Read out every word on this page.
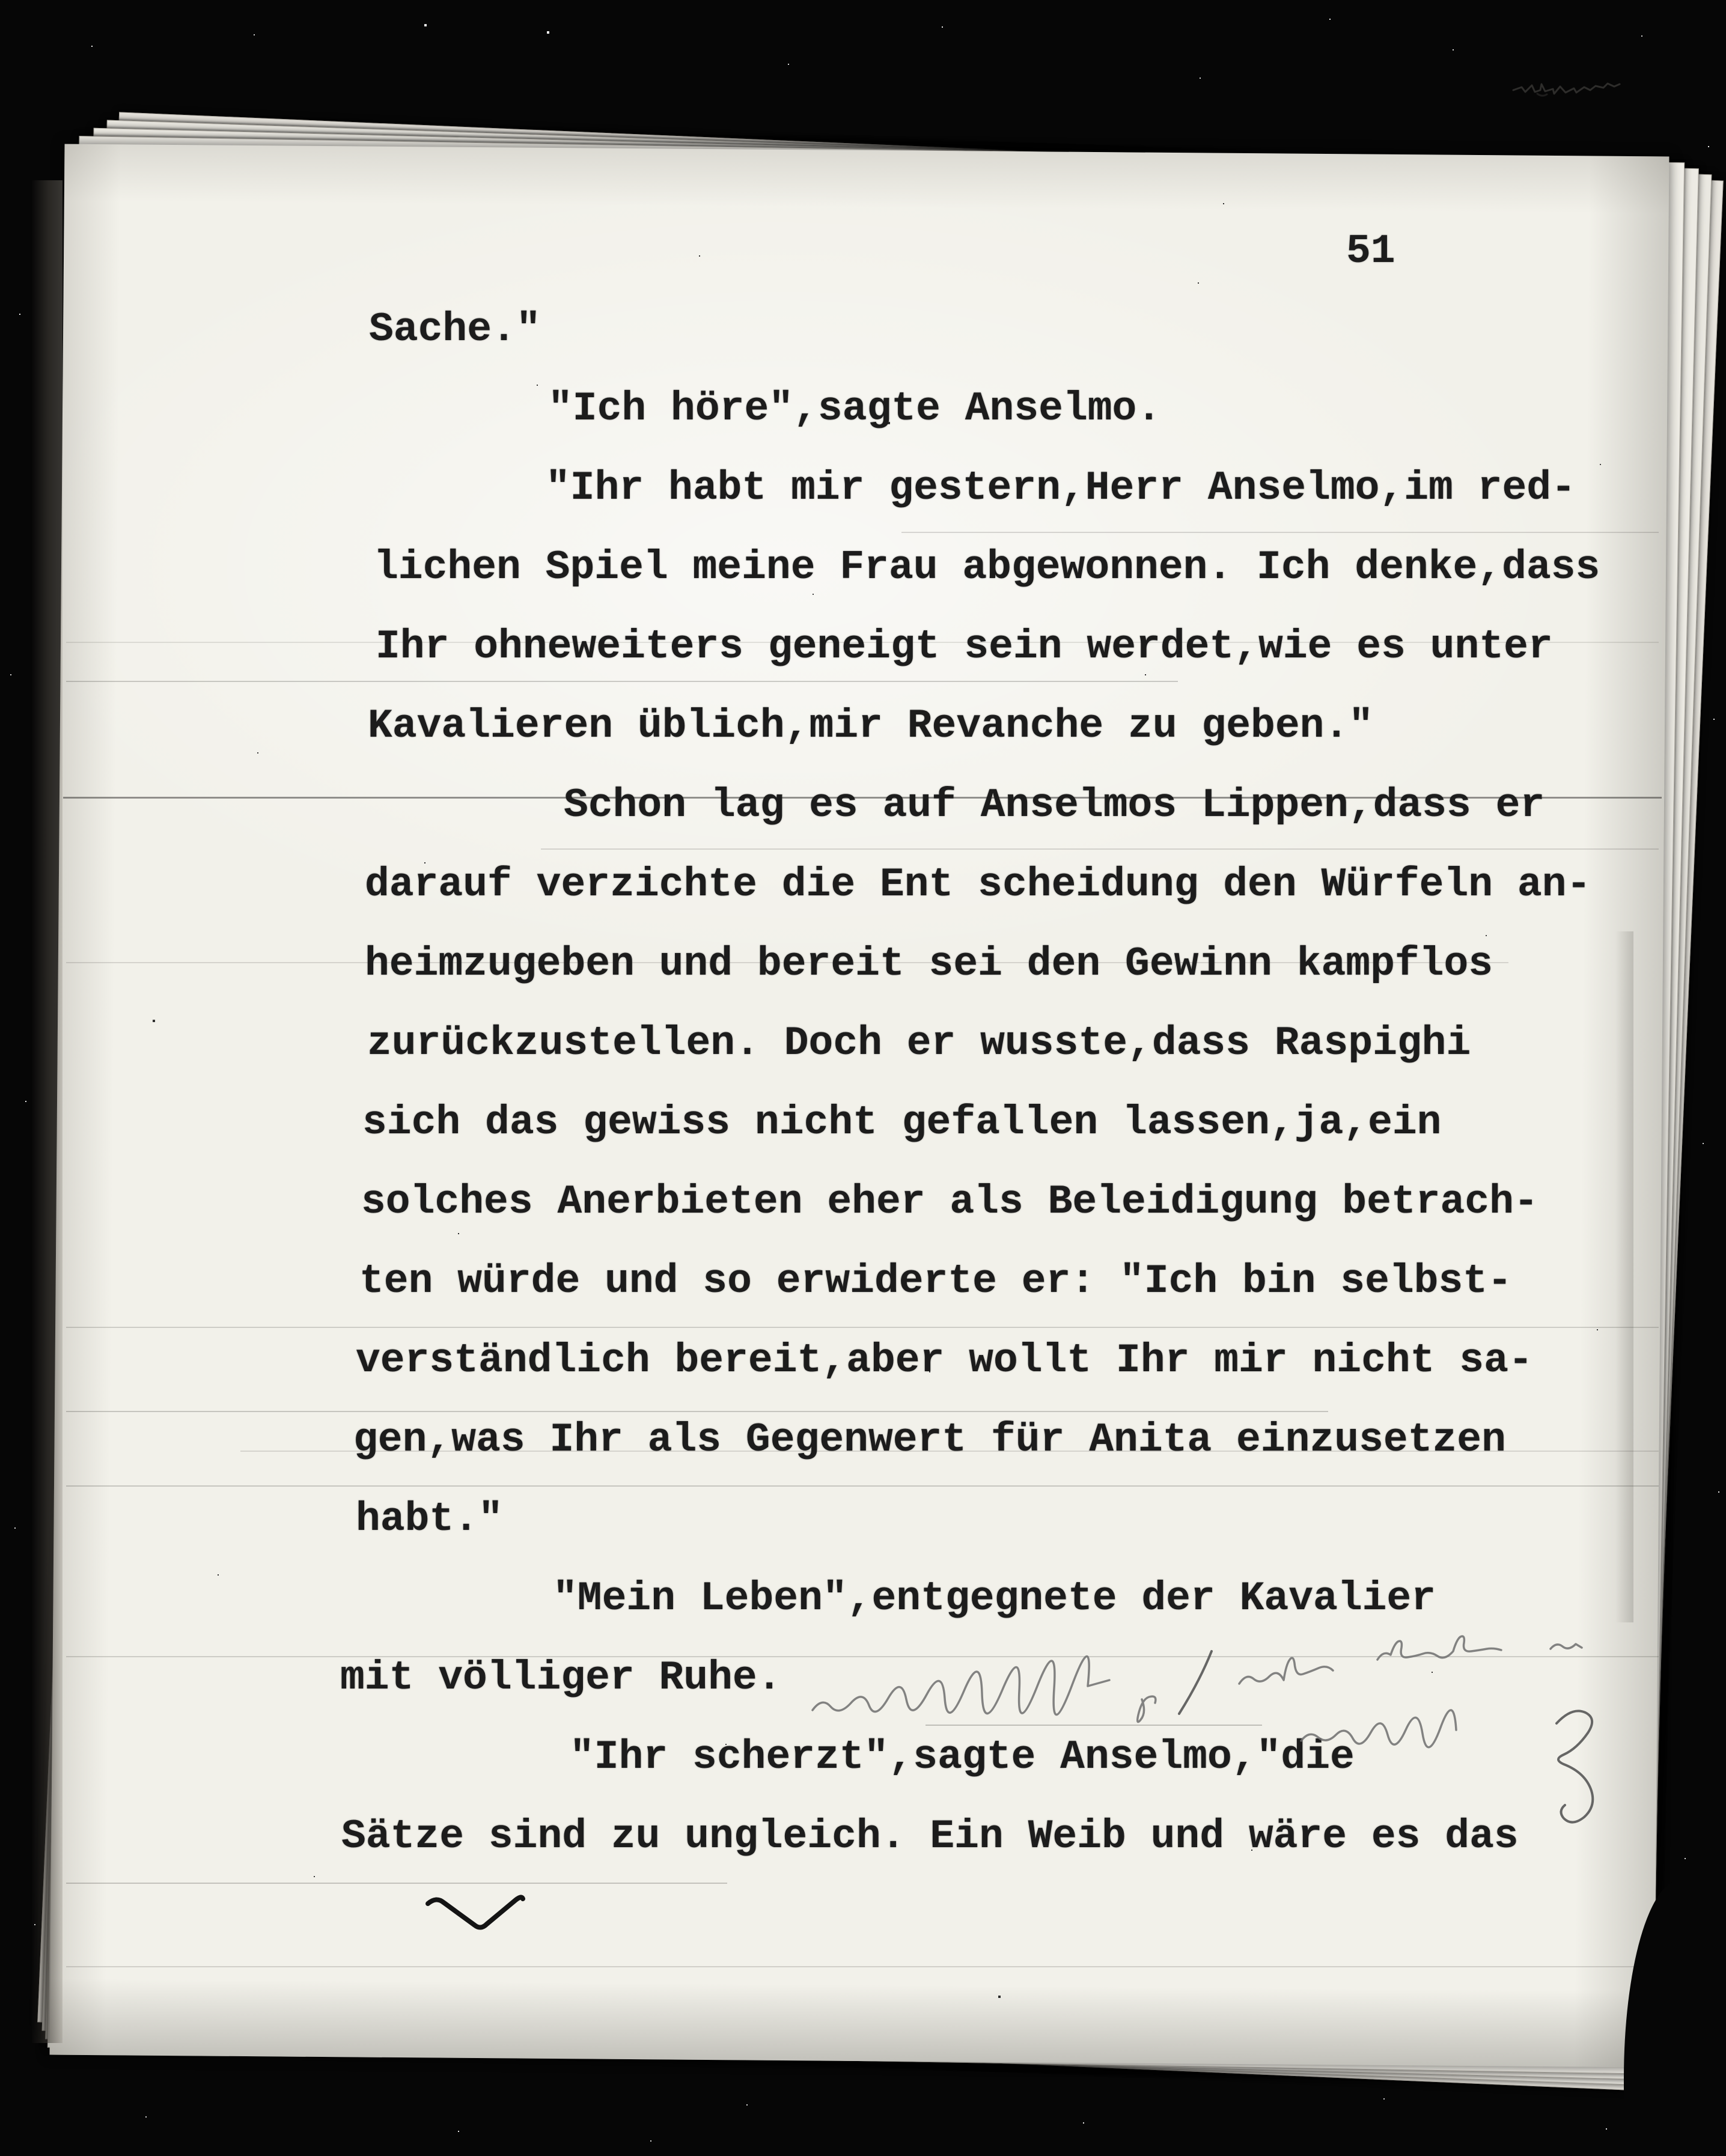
51
Sache."
"Ich höre",sagte Anselmo.
"Ihr habt mir gestern,Herr Anselmo,im red-
lichen Spiel meine Frau abgewonnen. Ich denke,dass
Ihr ohneweiters geneigt sein werdet,wie es unter
Kavalieren üblich,mir Revanche zu geben."
Schon lag es auf Anselmos Lippen,dass er
darauf verzichte die Ent scheidung den Würfeln an-
heimzugeben und bereit sei den Gewinn kampflos
zurückzustellen. Doch er wusste,dass Raspighi
sich das gewiss nicht gefallen lassen,ja,ein
solches Anerbieten eher als Beleidigung betrach-
ten würde und so erwiderte er: "Ich bin selbst-
verständlich bereit,aber wollt Ihr mir nicht sa-
gen,was Ihr als Gegenwert für Anita einzusetzen
habt."
"Mein Leben",entgegnete der Kavalier
mit völliger Ruhe.
"Ihr scherzt",sagte Anselmo,"die
Sätze sind zu ungleich. Ein Weib und wäre es das
